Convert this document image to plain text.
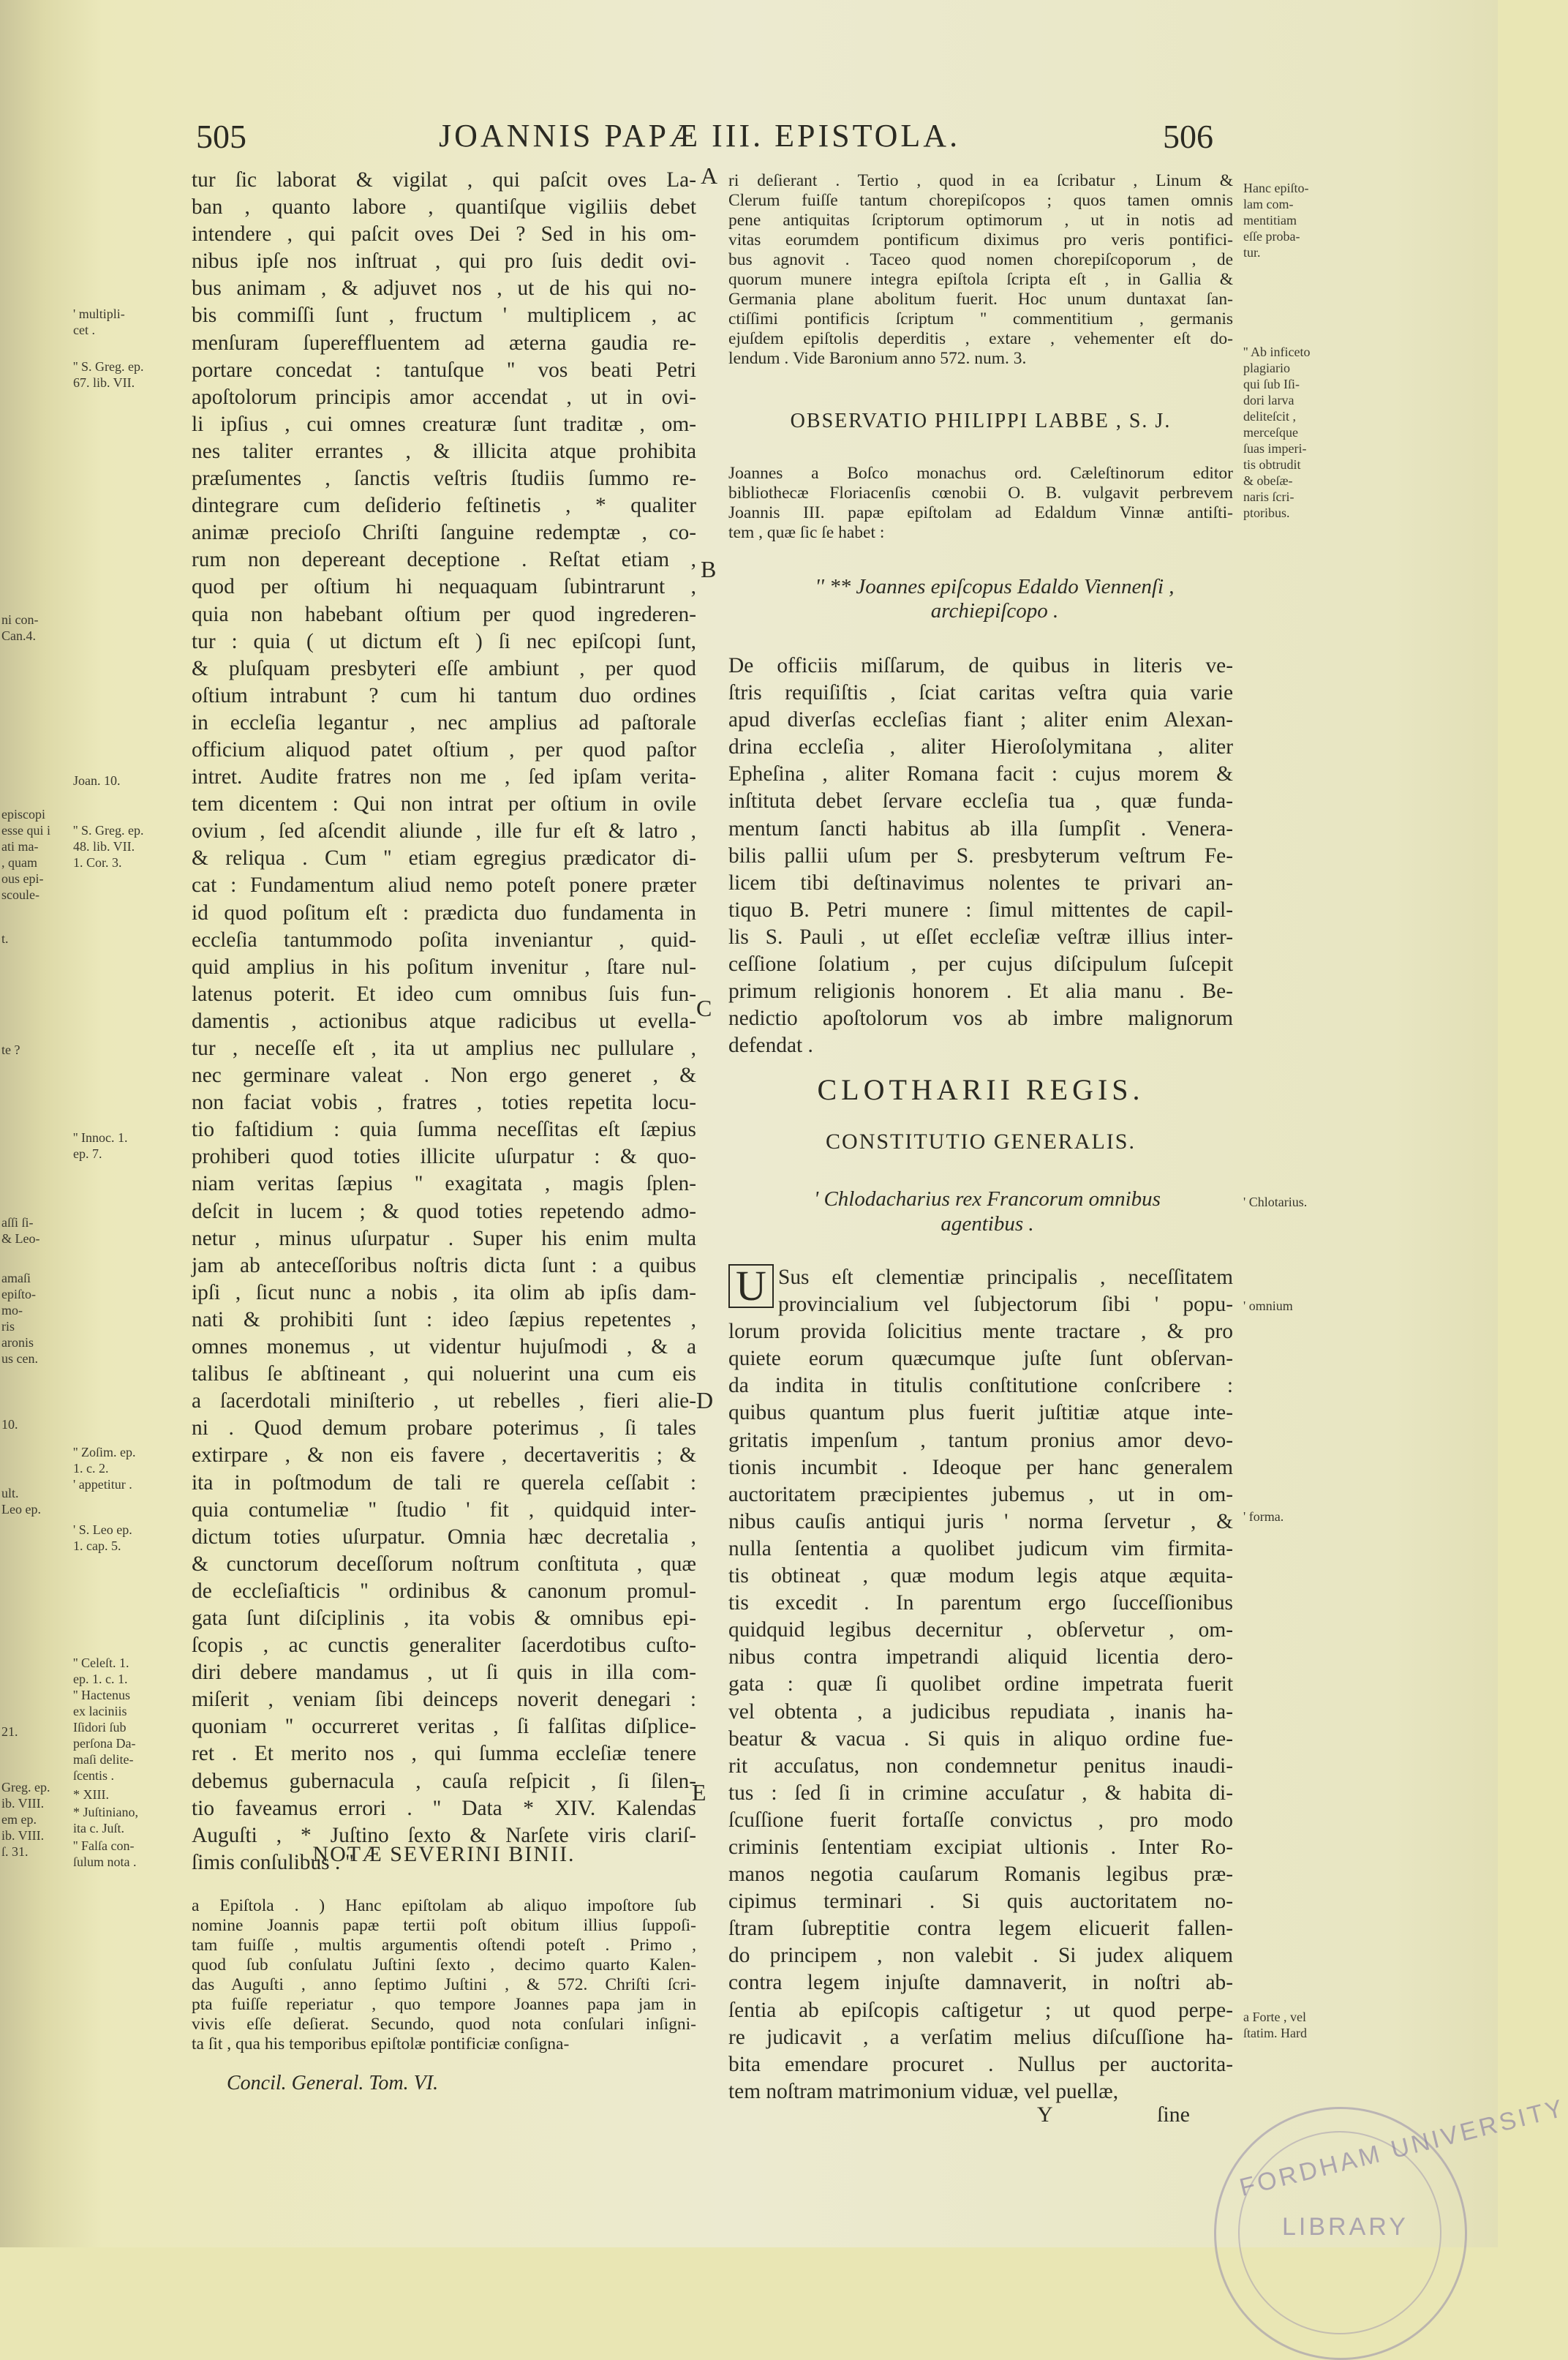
ni con-
Can.4.
episcopi
esse qui i
ati ma-
, quam
ous epi-
scoule-
t.
te ?
aſſi ſi-
& Leo-
amaſi
epiſto-
mo-
ris
aronis
us cen.
10.
ult.
Leo ep.
21.
Greg. ep.
ib. VIII.
em ep.
ib. VIII.
ſ. 31.
505	JOANNIS PAPÆ III. EPISTOLA.	506
tur ſic laborat & vigilat , qui paſcit oves La-
ban , quanto labore , quantiſque vigiliis debet
intendere , qui paſcit oves Dei ? Sed in his om-
nibus ipſe nos inſtruat , qui pro ſuis dedit ovi-
bus animam , & adjuvet nos , ut de his qui no-
bis commiſſi ſunt , fructum ' multiplicem , ac
menſuram ſupereffluentem ad æterna gaudia re-
portare concedat : tantuſque '' vos beati Petri
apoſtolorum principis amor accendat , ut in ovi-
li ipſius , cui omnes creaturæ ſunt traditæ , om-
nes taliter errantes , & illicita atque prohibita
præſumentes , ſanctis veſtris ſtudiis ſummo re-
dintegrare cum deſiderio feſtinetis , * qualiter
animæ precioſo Chriſti ſanguine redemptæ , co-
rum non depereant deceptione . Reſtat etiam ,
quod per oſtium hi nequaquam ſubintrarunt ,
quia non habebant oſtium per quod ingrederen-
tur : quia ( ut dictum eſt ) ſi nec epiſcopi ſunt,
& pluſquam presbyteri eſſe ambiunt , per quod
oſtium intrabunt ? cum hi tantum duo ordines
in eccleſia legantur , nec amplius ad paſtorale
officium aliquod patet oſtium , per quod paſtor
intret. Audite fratres non me , ſed ipſam verita-
tem dicentem : Qui non intrat per oſtium in ovile
ovium , ſed aſcendit aliunde , ille fur eſt & latro ,
& reliqua . Cum '' etiam egregius prædicator di-
cat : Fundamentum aliud nemo poteſt ponere præter
id quod poſitum eſt : prædicta duo fundamenta in
eccleſia tantummodo poſita inveniantur , quid-
quid amplius in his poſitum invenitur , ſtare nul-
latenus poterit. Et ideo cum omnibus ſuis fun-
damentis , actionibus atque radicibus ut evella-
tur , neceſſe eſt , ita ut amplius nec pullulare ,
nec germinare valeat . Non ergo generet , &
non faciat vobis , fratres , toties repetita locu-
tio faſtidium : quia ſumma neceſſitas eſt ſæpius
prohiberi quod toties illicite uſurpatur : & quo-
niam veritas ſæpius '' exagitata , magis ſplen-
deſcit in lucem ; & quod toties repetendo admo-
netur , minus uſurpatur . Super his enim multa
jam ab anteceſſoribus noſtris dicta ſunt : a quibus
ipſi , ſicut nunc a nobis , ita olim ab ipſis dam-
nati & prohibiti ſunt : ideo ſæpius repetentes ,
omnes monemus , ut videntur hujuſmodi , & a
talibus ſe abſtineant , qui noluerint una cum eis
a ſacerdotali miniſterio , ut rebelles , fieri alie-
ni . Quod demum probare poterimus , ſi tales
extirpare , & non eis favere , decertaveritis ; &
ita in poſtmodum de tali re querela ceſſabit :
quia contumeliæ '' ſtudio ' fit , quidquid inter-
dictum toties uſurpatur. Omnia hæc decretalia ,
& cunctorum deceſſorum noſtrum conſtituta , quæ
de eccleſiaſticis '' ordinibus & canonum promul-
gata ſunt diſciplinis , ita vobis & omnibus epi-
ſcopis , ac cunctis generaliter ſacerdotibus cuſto-
diri debere mandamus , ut ſi quis in illa com-
miſerit , veniam ſibi deinceps noverit denegari :
quoniam '' occurreret veritas , ſi falſitas diſplice-
ret . Et merito nos , qui ſumma eccleſiæ tenere
debemus gubernacula , cauſa reſpicit , ſi ſilen-
tio faveamus errori . '' Data * XIV. Kalendas
Auguſti , * Juſtino ſexto & Narſete viris clariſ-
ſimis conſulibus . ''
' multipli-
cet .
'' S. Greg. ep.
67. lib. VII.
Joan. 10.
'' S. Greg. ep.
48. lib. VII.
1. Cor. 3.
'' Innoc. 1.
ep. 7.
'' Zoſim. ep.
1. c. 2.
' appetitur .
' S. Leo ep.
1. cap. 5.
'' Celeſt. 1.
ep. 1. c. 1.
'' Hactenus
ex laciniis
Iſidori ſub
perſona Da-
maſi delite-
ſcentis .
* XIII.
* Juſtiniano,
ita c. Juſt.
'' Falſa con-
ſulum nota .
A
B
C
D
E
NOTÆ SEVERINI BINII.
a Epiſtola . ) Hanc epiſtolam ab aliquo impoſtore ſub
nomine Joannis papæ tertii poſt obitum illius ſuppoſi-
tam fuiſſe , multis argumentis oſtendi poteſt . Primo ,
quod ſub conſulatu Juſtini ſexto , decimo quarto Kalen-
das Auguſti , anno ſeptimo Juſtini , & 572. Chriſti ſcri-
pta fuiſſe reperiatur , quo tempore Joannes papa jam in
vivis eſſe deſierat. Secundo, quod nota conſulari inſigni-
ta ſit , qua his temporibus epiſtolæ pontificiæ conſigna-
Concil. General. Tom. VI.
ri deſierant . Tertio , quod in ea ſcribatur , Linum &
Clerum fuiſſe tantum chorepiſcopos ; quos tamen omnis
pene antiquitas ſcriptorum optimorum , ut in notis ad
vitas eorumdem pontificum diximus pro veris pontifici-
bus agnovit . Taceo quod nomen chorepiſcoporum , de
quorum munere integra epiſtola ſcripta eſt , in Gallia &
Germania plane abolitum fuerit. Hoc unum duntaxat ſan-
ctiſſimi pontificis ſcriptum '' commentitium , germanis
ejuſdem epiſtolis deperditis , extare , vehementer eſt do-
lendum . Vide Baronium anno 572. num. 3.
OBSERVATIO PHILIPPI LABBE , S. J.
Joannes a Boſco monachus ord. Cæleſtinorum editor
bibliothecæ Floriacenſis cœnobii O. B. vulgavit perbrevem
Joannis III. papæ epiſtolam ad Edaldum Vinnæ antiſti-
tem , quæ ſic ſe habet :
'' ** Joannes epiſcopus Edaldo Viennenſi ,
archiepiſcopo .
De officiis miſſarum, de quibus in literis ve-
ſtris requiſiſtis , ſciat caritas veſtra quia varie
apud diverſas eccleſias fiant ; aliter enim Alexan-
drina eccleſia , aliter Hieroſolymitana , aliter
Epheſina , aliter Romana facit : cujus morem &
inſtituta debet ſervare eccleſia tua , quæ funda-
mentum ſancti habitus ab illa ſumpſit . Venera-
bilis pallii uſum per S. presbyterum veſtrum Fe-
licem tibi deſtinavimus nolentes te privari an-
tiquo B. Petri munere : ſimul mittentes de capil-
lis S. Pauli , ut eſſet eccleſiæ veſtræ illius inter-
ceſſione ſolatium , per cujus diſcipulum ſuſcepit
primum religionis honorem . Et alia manu . Be-
nedictio apoſtolorum vos ab imbre malignorum
defendat .
CLOTHARII REGIS.
CONSTITUTIO GENERALIS.
' Chlodacharius rex Francorum omnibus
agentibus .
U Sus eſt clementiæ principalis , neceſſitatem
provincialium vel ſubjectorum ſibi ' popu-
lorum provida ſolicitius mente tractare , & pro
quiete eorum quæcumque juſte ſunt obſervan-
da indita in titulis conſtitutione conſcribere :
quibus quantum plus fuerit juſtitiæ atque inte-
gritatis impenſum , tantum pronius amor devo-
tionis incumbit . Ideoque per hanc generalem
auctoritatem præcipientes jubemus , ut in om-
nibus cauſis antiqui juris ' norma ſervetur , &
nulla ſententia a quolibet judicum vim firmita-
tis obtineat , quæ modum legis atque æquita-
tis excedit . In parentum ergo ſucceſſionibus
quidquid legibus decernitur , obſervetur , om-
nibus contra impetrandi aliquid licentia dero-
gata : quæ ſi quolibet ordine impetrata fuerit
vel obtenta , a judicibus repudiata , inanis ha-
beatur & vacua . Si quis in aliquo ordine fue-
rit accuſatus, non condemnetur penitus inaudi-
tus : ſed ſi in crimine accuſatur , & habita di-
ſcuſſione fuerit fortaſſe convictus , pro modo
criminis ſententiam excipiat ultionis . Inter Ro-
manos negotia cauſarum Romanis legibus præ-
cipimus terminari . Si quis auctoritatem no-
ſtram ſubreptitie contra legem elicuerit fallen-
do principem , non valebit . Si judex aliquem
contra legem injuſte damnaverit, in noſtri ab-
ſentia ab epiſcopis caſtigetur ; ut quod perpe-
re judicavit , a verſatim melius diſcuſſione ha-
bita emendare procuret . Nullus per auctorita-
tem noſtram matrimonium viduæ, vel puellæ,
Y	ſine
Hanc epiſto-
lam com-
mentitiam
eſſe proba-
tur.
'' Ab inficeto
plagiario
qui ſub Iſi-
dori larva
deliteſcit ,
merceſque
ſuas imperi-
tis obtrudit
& obeſæ-
naris ſcri-
ptoribus.
' Chlotarius.
' omnium
' forma.
a Forte , vel
ſtatim. Hard
FORDHAM UNIVERSITY
LIBRARY
